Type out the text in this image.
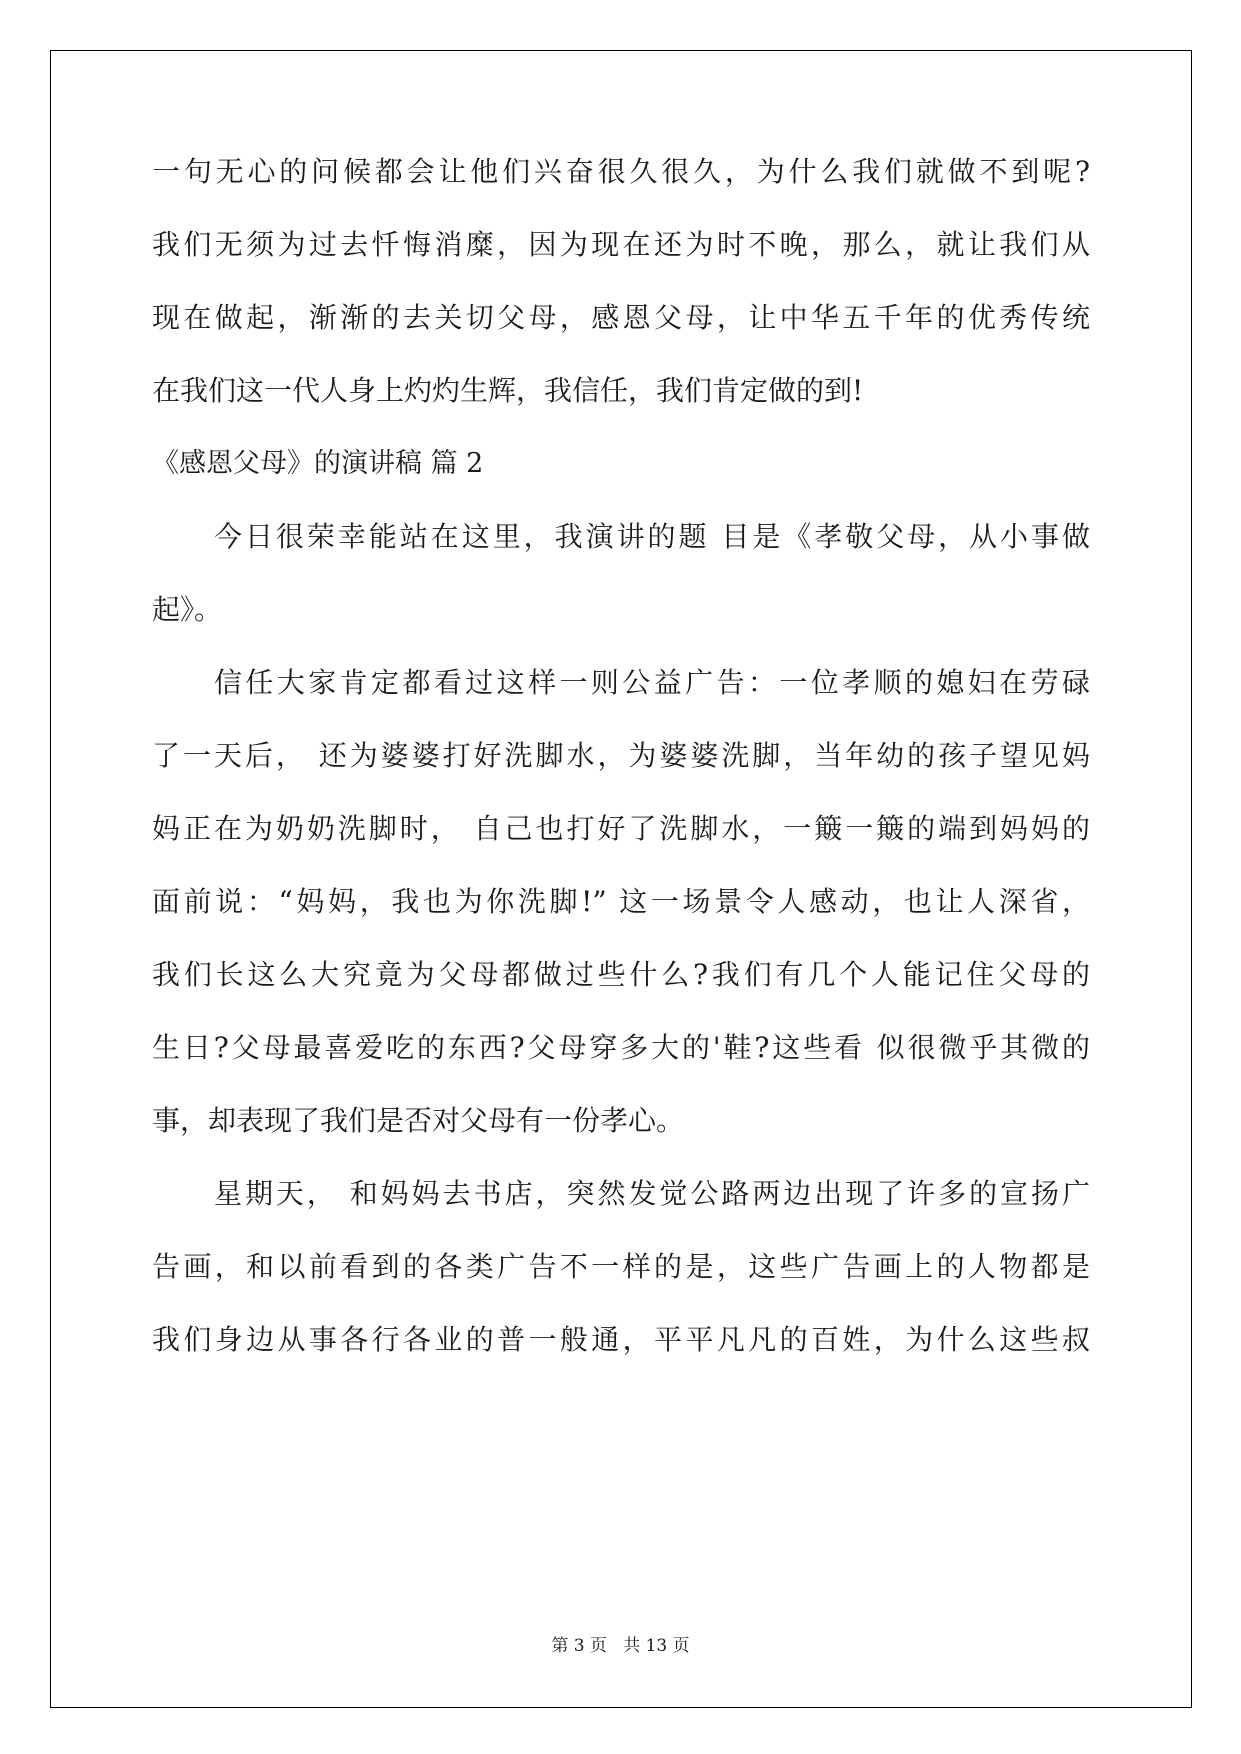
一句无心的问候都会让他们兴奋很久很久，为什么我们就做不到呢?
我们无须为过去忏悔消糜，因为现在还为时不晚，那么，就让我们从
现在做起，渐渐的去关切父母，感恩父母，让中华五千年的优秀传统
在我们这一代人身上灼灼生辉，我信任，我们肯定做的到!
《感恩父母》的演讲稿 篇 2
今日很荣幸能站在这里，我演讲的题 目是《孝敬父母，从小事做
起》。
信任大家肯定都看过这样一则公益广告：一位孝顺的媳妇在劳碌
了一天后， 还为婆婆打好洗脚水，为婆婆洗脚，当年幼的孩子望见妈
妈正在为奶奶洗脚时， 自己也打好了洗脚水，一簸一簸的端到妈妈的
面前说：“妈妈，我也为你洗脚!” 这一场景令人感动，也让人深省，
我们长这么大究竟为父母都做过些什么?我们有几个人能记住父母的
生日?父母最喜爱吃的东西?父母穿多大的'鞋?这些看 似很微乎其微的
事，却表现了我们是否对父母有一份孝心。
星期天， 和妈妈去书店，突然发觉公路两边出现了许多的宣扬广
告画，和以前看到的各类广告不一样的是，这些广告画上的人物都是
我们身边从事各行各业的普一般通，平平凡凡的百姓，为什么这些叔
第 3 页   共 13 页
